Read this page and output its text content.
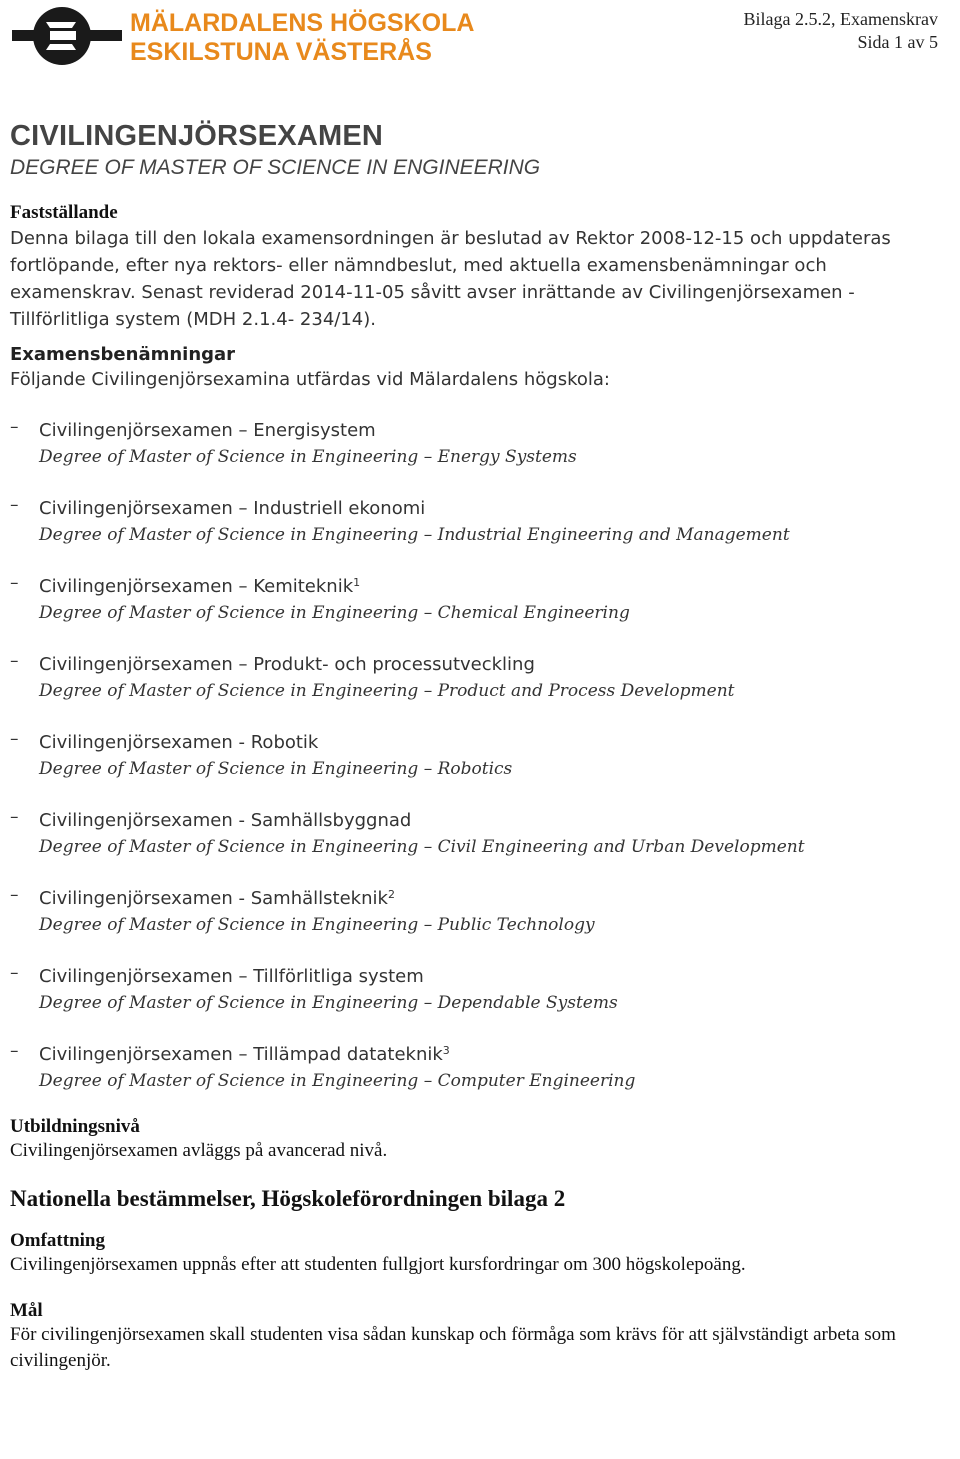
MÄLARDALENS HÖGSKOLA
ESKILSTUNA VÄSTERÅS
Bilaga 2.5.2, Examenskrav
Sida 1 av 5
CIVILINGENJÖRSEXAMEN
DEGREE OF MASTER OF SCIENCE IN ENGINEERING
Fastställande

Denna bilaga till den lokala examensordningen är beslutad av Rektor 2008-12-15 och uppdateras fortlöpande, efter nya rektors- eller nämndbeslut, med aktuella examensbenämningar och examenskrav. Senast reviderad 2014-11-05 såvitt avser inrättande av Civilingenjörsexamen - Tillförlitliga system (MDH 2.1.4- 234/14).

Examensbenämningar

Följande Civilingenjörsexamina utfärdas vid Mälardalens högskola:

– Civilingenjörsexamen – Energisystem
Degree of Master of Science in Engineering – Energy Systems
– Civilingenjörsexamen – Industriell ekonomi
Degree of Master of Science in Engineering – Industrial Engineering and Management
– Civilingenjörsexamen – Kemiteknik$^1$
Degree of Master of Science in Engineering – Chemical Engineering
– Civilingenjörsexamen – Produkt- och processutveckling
Degree of Master of Science in Engineering – Product and Process Development
– Civilingenjörsexamen - Robotik
Degree of Master of Science in Engineering – Robotics
– Civilingenjörsexamen - Samhällsbyggnad
Degree of Master of Science in Engineering – Civil Engineering and Urban Development
– Civilingenjörsexamen - Samhällsteknik$^2$
Degree of Master of Science in Engineering – Public Technology
– Civilingenjörsexamen – Tillförlitliga system
Degree of Master of Science in Engineering – Dependable Systems
– Civilingenjörsexamen – Tillämpad datateknik$^3$
Degree of Master of Science in Engineering – Computer Engineering
Utbildningsnivå

Civilingenjörsexamen avläggs på avancerad nivå.

Nationella bestämmelser, Högskoleförordningen bilaga 2
Omfattning

Civilingenjörsexamen uppnås efter att studenten fullgjort kursfordringar om 300 högskolepoäng.

Mål

För civilingenjörsexamen skall studenten visa sådan kunskap och förmåga som krävs för att självständigt arbeta som civilingenjör.
